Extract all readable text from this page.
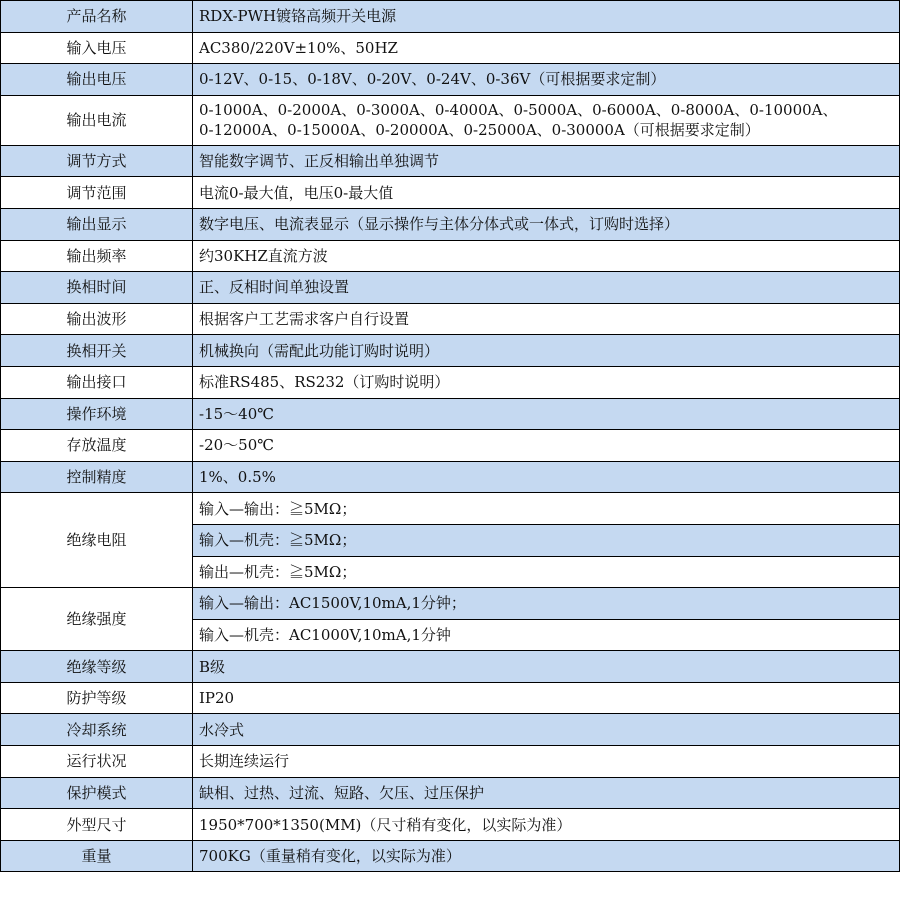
产品名称	RDX-PWH镀铬高频开关电源
输入电压	AC380/220V±10%、50HZ
输出电压	0-12V、0-15、0-18V、0-20V、0-24V、0-36V（可根据要求定制）
输出电流	0-1000A、0-2000A、0-3000A、0-4000A、0-5000A、0-6000A、0-8000A、0-10000A、
0-12000A、0-15000A、0-20000A、0-25000A、0-30000A（可根据要求定制）

调节方式	智能数字调节、正反相输出单独调节
调节范围	电流0-最大值，电压0-最大值
输出显示	数字电压、电流表显示（显示操作与主体分体式或一体式，订购时选择）
输出频率	约30KHZ直流方波
换相时间	正、反相时间单独设置
输出波形	根据客户工艺需求客户自行设置
换相开关	机械换向（需配此功能订购时说明）
输出接口	标准RS485、RS232（订购时说明）
操作环境	-15～40℃
存放温度	-20～50℃
控制精度	1%、0.5%
绝缘电阻	输入—输出：≧5MΩ；
	输入—机壳：≧5MΩ；
	输出—机壳：≧5MΩ；
绝缘强度	输入—输出：AC1500V,10mA,1分钟；
	输入—机壳：AC1000V,10mA,1分钟
绝缘等级	B级
防护等级	IP20
冷却系统	水冷式
运行状况	长期连续运行
保护模式	缺相、过热、过流、短路、欠压、过压保护
外型尺寸	1950*700*1350(MM)（尺寸稍有变化，以实际为准）
重量	700KG（重量稍有变化，以实际为准）
